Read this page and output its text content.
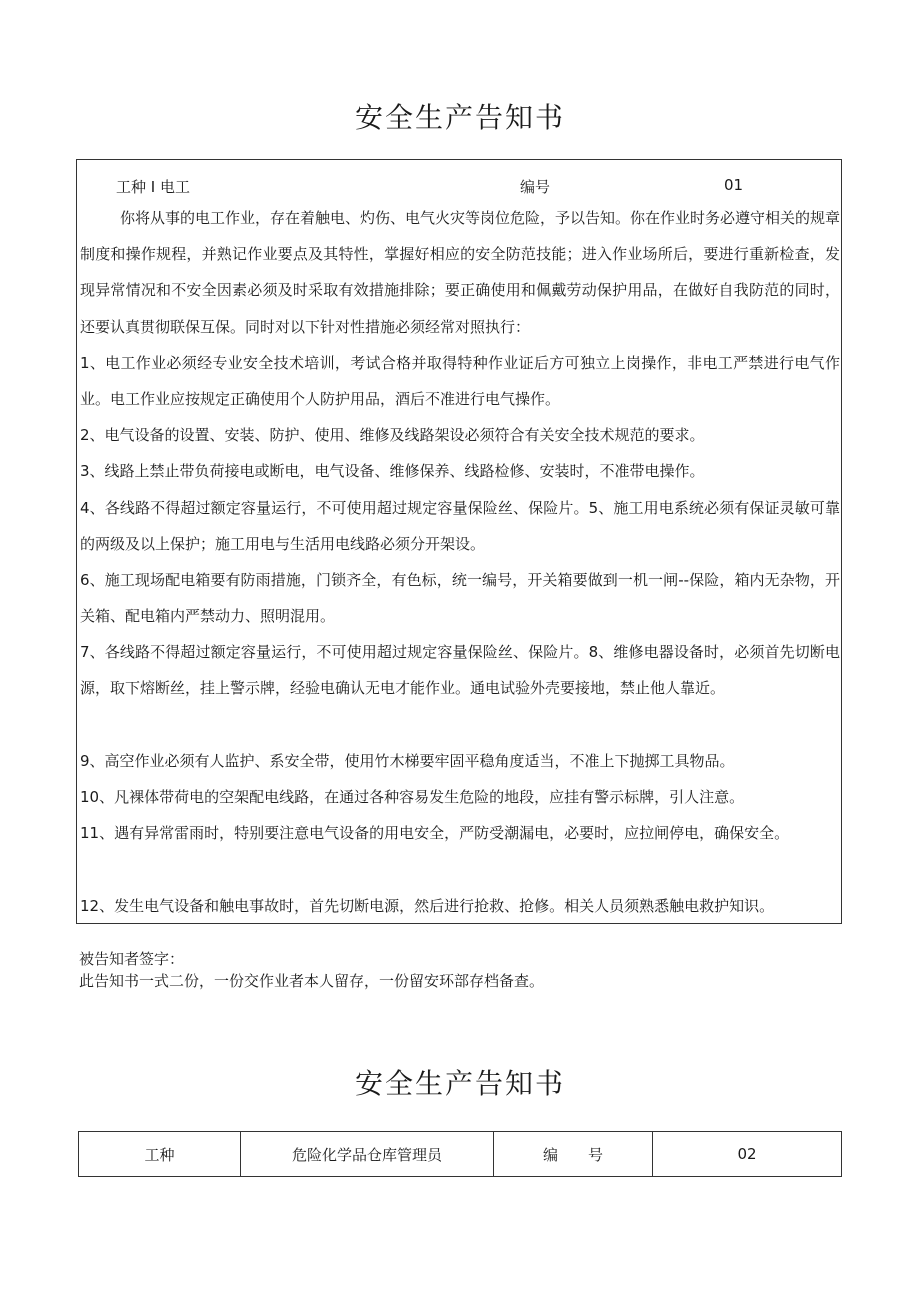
安全生产告知书
工种 I 电工	编号	01

你将从事的电工作业，存在着触电、灼伤、电气火灾等岗位危险，予以告知。你在作业时务必遵守相关的规章制度和操作规程，并熟记作业要点及其特性，掌握好相应的安全防范技能；进入作业场所后，要进行重新检查，发现异常情况和不安全因素必须及时采取有效措施排除；要正确使用和佩戴劳动保护用品，在做好自我防范的同时，还要认真贯彻联保互保。同时对以下针对性措施必须经常对照执行：

1、电工作业必须经专业安全技术培训，考试合格并取得特种作业证后方可独立上岗操作，非电工严禁进行电气作业。电工作业应按规定正确使用个人防护用品，酒后不准进行电气操作。

2、电气设备的设置、安装、防护、使用、维修及线路架设必须符合有关安全技术规范的要求。

3、线路上禁止带负荷接电或断电，电气设备、维修保养、线路检修、安装时，不准带电操作。

4、各线路不得超过额定容量运行，不可使用超过规定容量保险丝、保险片。5、施工用电系统必须有保证灵敏可靠的两级及以上保护；施工用电与生活用电线路必须分开架设。

6、施工现场配电箱要有防雨措施，门锁齐全，有色标，统一编号，开关箱要做到一机一闸--保险，箱内无杂物，开关箱、配电箱内严禁动力、照明混用。

7、各线路不得超过额定容量运行，不可使用超过规定容量保险丝、保险片。8、维修电器设备时，必须首先切断电源，取下熔断丝，挂上警示牌，经验电确认无电才能作业。通电试验外壳要接地，禁止他人靠近。

9、高空作业必须有人监护、系安全带，使用竹木梯要牢固平稳角度适当，不准上下抛掷工具物品。

10、凡裸体带荷电的空架配电线路，在通过各种容易发生危险的地段，应挂有警示标牌，引人注意。

11、遇有异常雷雨时，特别要注意电气设备的用电安全，严防受潮漏电，必要时，应拉闸停电，确保安全。

12、发生电气设备和触电事故时，首先切断电源，然后进行抢救、抢修。相关人员须熟悉触电救护知识。

被告知者签字：
此告知书一式二份，一份交作业者本人留存，一份留安环部存档备查。
安全生产告知书
工种	危险化学品仓库管理员	编　　号	02
